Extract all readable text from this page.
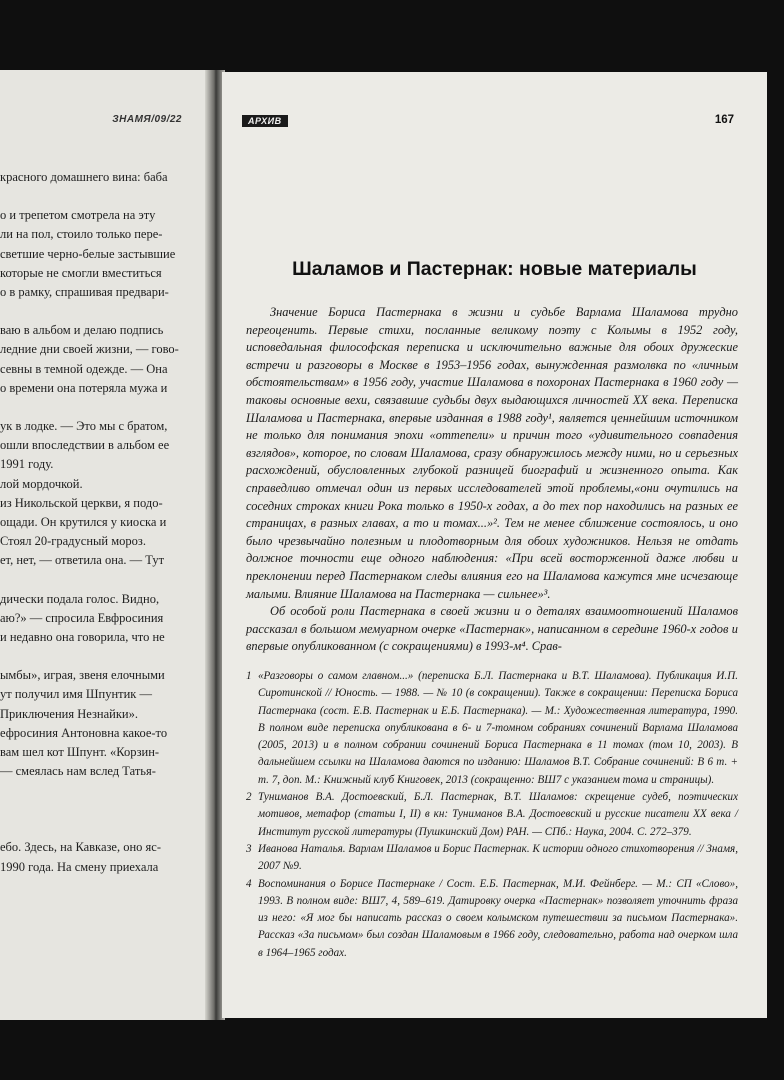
ЗНАМЯ/09/22
красного домашнего вина: баба
о и трепетом смотрела на эту
ли на пол, стоило только пере-
светшие черно-белые застывшие
которые не смогли вместиться
о в рамку, спрашивая предвари-
ваю в альбом и делаю подпись
ледние дни своей жизни, — гово-
севны в темной одежде. — Она
о времени она потеряла мужа и
ук в лодке. — Это мы с братом,
ошли впоследствии в альбом ее
1991 году.
лой мордочкой.
из Никольской церкви, я подо-
ощади. Он крутился у киоска и
Стоял 20-градусный мороз.
ет, нет, — ответила она. — Тут
дически подала голос. Видно,
аю?» — спросила Евфросиния
и недавно она говорила, что не
ымбы», играя, звеня елочными
ут получил имя Шпунтик —
Приключения Незнайки».
ефросиния Антоновна какое-то
вам шел кот Шпунт. «Корзин-
— смеялась нам вслед Татья-
ебо. Здесь, на Кавказе, оно яс-
1990 года. На смену приехала
АРХИВ	167
Шаламов и Пастернак: новые материалы

Значение Бориса Пастернака в жизни и судьбе Варлама Шаламова трудно переоценить. Первые стихи, посланные великому поэту с Колымы в 1952 году, исповедальная философская переписка и исключительно важные для обоих дружеские встречи и разговоры в Москве в 1953–1956 годах, вынужденная размолвка по «личным обстоятельствам» в 1956 году, участие Шаламова в похоронах Пастернака в 1960 году — таковы основные вехи, связавшие судьбы двух выдающихся личностей XX века. Переписка Шаламова и Пастернака, впервые изданная в 1988 году¹, является ценнейшим источником не только для понимания эпохи «оттепели» и причин того «удивительного совпадения взглядов», которое, по словам Шаламова, сразу обнаружилось между ними, но и серьезных расхождений, обусловленных глубокой разницей биографий и жизненного опыта. Как справедливо отмечал один из первых исследователей этой проблемы,«они очутились на соседних строках книги Рока только в 1950-х годах, а до тех пор находились на разных ее страницах, в разных главах, а то и томах...»². Тем не менее сближение состоялось, и оно было чрезвычайно полезным и плодотворным для обоих художников. Нельзя не отдать должное точности еще одного наблюдения: «При всей восторженной даже любви и преклонении перед Пастернаком следы влияния его на Шаламова кажутся мне исчезающе малыми. Влияние Шаламова на Пастернака — сильнее»³.

Об особой роли Пастернака в своей жизни и о деталях взаимоотношений Шаламов рассказал в большом мемуарном очерке «Пастернак», написанном в середине 1960-х годов и впервые опубликованном (с сокращениями) в 1993-м⁴. Срав-

1 «Разговоры о самом главном...» (переписка Б.Л. Пастернака и В.Т. Шаламова). Публикация И.П. Сиротинской // Юность. — 1988. — № 10 (в сокращении). Также в сокращении: Переписка Бориса Пастернака (сост. Е.В. Пастернак и Е.Б. Пастернака). — М.: Художественная литература, 1990. В полном виде переписка опубликована в 6- и 7-томном собраниях сочинений Варлама Шаламова (2005, 2013) и в полном собрании сочинений Бориса Пастернака в 11 томах (том 10, 2003). В дальнейшем ссылки на Шаламова даются по изданию: Шаламов В.Т. Собрание сочинений: В 6 т. + т. 7, доп. М.: Книжный клуб Книговек, 2013 (сокращенно: ВШ7 с указанием тома и страницы).
2 Туниманов В.А. Достоевский, Б.Л. Пастернак, В.Т. Шаламов: скрещение судеб, поэтических мотивов, метафор (статьи I, II) в кн: Туниманов В.А. Достоевский и русские писатели XX века / Институт русской литературы (Пушкинский Дом) РАН. — СПб.: Наука, 2004. С. 272–379.
3 Иванова Наталья. Варлам Шаламов и Борис Пастернак. К истории одного стихотворения // Знамя, 2007 №9.
4 Воспоминания о Борисе Пастернаке / Сост. Е.Б. Пастернак, М.И. Фейнберг. — М.: СП «Слово», 1993. В полном виде: ВШ7, 4, 589–619. Датировку очерка «Пастернак» позволяет уточнить фраза из него: «Я мог бы написать рассказ о своем колымском путешествии за письмом Пастернака». Рассказ «За письмом» был создан Шаламовым в 1966 году, следовательно, работа над очерком шла в 1964–1965 годах.
